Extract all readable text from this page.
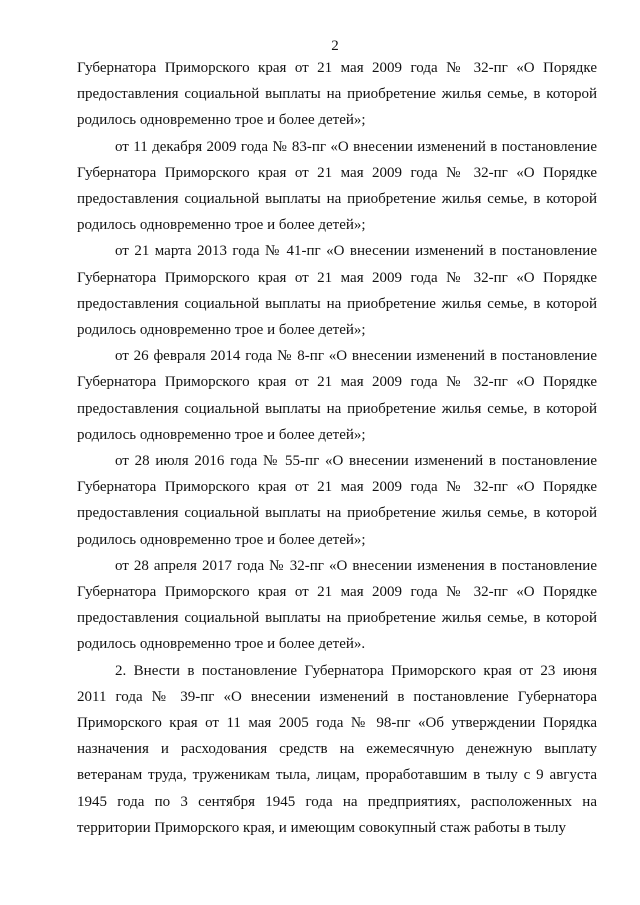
2

Губернатора Приморского края от 21 мая 2009 года № 32-пг «О Порядке предоставления социальной выплаты на приобретение жилья семье, в которой родилось одновременно трое и более детей»;

от 11 декабря 2009 года № 83-пг «О внесении изменений в постановление Губернатора Приморского края от 21 мая 2009 года № 32-пг «О Порядке предоставления социальной выплаты на приобретение жилья семье, в которой родилось одновременно трое и более детей»;

от 21 марта 2013 года № 41-пг «О внесении изменений в постановление Губернатора Приморского края от 21 мая 2009 года № 32-пг «О Порядке предоставления социальной выплаты на приобретение жилья семье, в которой родилось одновременно трое и более детей»;

от 26 февраля 2014 года № 8-пг «О внесении изменений в постановление Губернатора Приморского края от 21 мая 2009 года № 32-пг «О Порядке предоставления социальной выплаты на приобретение жилья семье, в которой родилось одновременно трое и более детей»;

от 28 июля 2016 года № 55-пг «О внесении изменений в постановление Губернатора Приморского края от 21 мая 2009 года № 32-пг «О Порядке предоставления социальной выплаты на приобретение жилья семье, в которой родилось одновременно трое и более детей»;

от 28 апреля 2017 года № 32-пг «О внесении изменения в постановление Губернатора Приморского края от 21 мая 2009 года № 32-пг «О Порядке предоставления социальной выплаты на приобретение жилья семье, в которой родилось одновременно трое и более детей».

2. Внести в постановление Губернатора Приморского края от 23 июня 2011 года № 39-пг «О внесении изменений в постановление Губернатора Приморского края от 11 мая 2005 года № 98-пг «Об утверждении Порядка назначения и расходования средств на ежемесячную денежную выплату ветеранам труда, труженикам тыла, лицам, проработавшим в тылу с 9 августа 1945 года по 3 сентября 1945 года на предприятиях, расположенных на территории Приморского края, и имеющим совокупный стаж работы в тылу
